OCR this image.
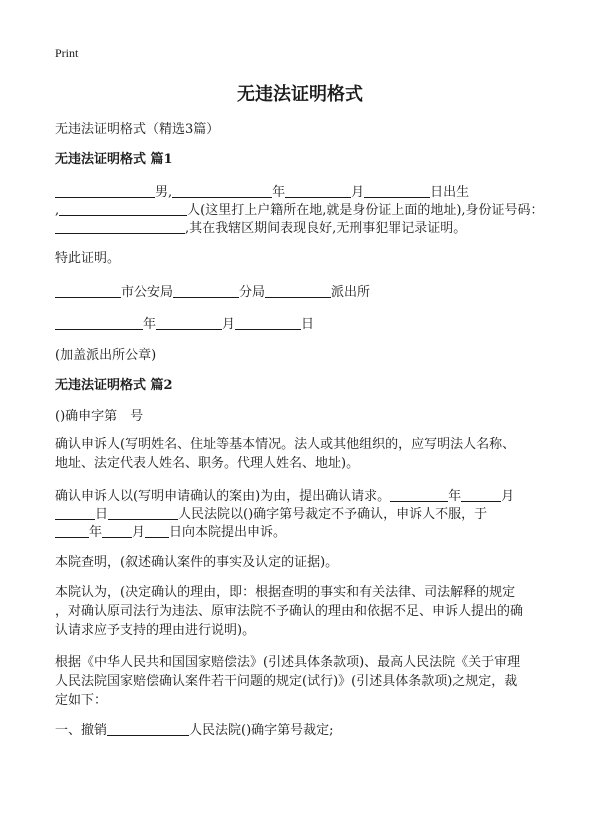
Print
无违法证明格式
无违法证明格式（精选3篇）
无违法证明格式 篇1
男,	年	月	日出生
,	人(这里打上户籍所在地,就是身份证上面的地址),身份证号码：
,其在我辖区期间表现良好,无刑事犯罪记录证明。
特此证明。
市公安局	分局	派出所
年	月	日
(加盖派出所公章)
无违法证明格式 篇2
()确申字第　号
确认申诉人(写明姓名、住址等基本情况。法人或其他组织的，应写明法人名称、
地址、法定代表人姓名、职务。代理人姓名、地址)。
确认申诉人以(写明申请确认的案由)为由，提出确认请求。	年	月
日	人民法院以()确字第号裁定不予确认，申诉人不服，于
年 月 日向本院提出申诉。
本院查明，(叙述确认案件的事实及认定的证据)。
本院认为，(决定确认的理由，即：根据查明的事实和有关法律、司法解释的规定
，对确认原司法行为违法、原审法院不予确认的理由和依据不足、申诉人提出的确
认请求应予支持的理由进行说明)。
根据《中华人民共和国国家赔偿法》(引述具体条款项)、最高人民法院《关于审理
人民法院国家赔偿确认案件若干问题的规定(试行)》(引述具体条款项)之规定，裁
定如下：
一、撤销	人民法院()确字第号裁定;
